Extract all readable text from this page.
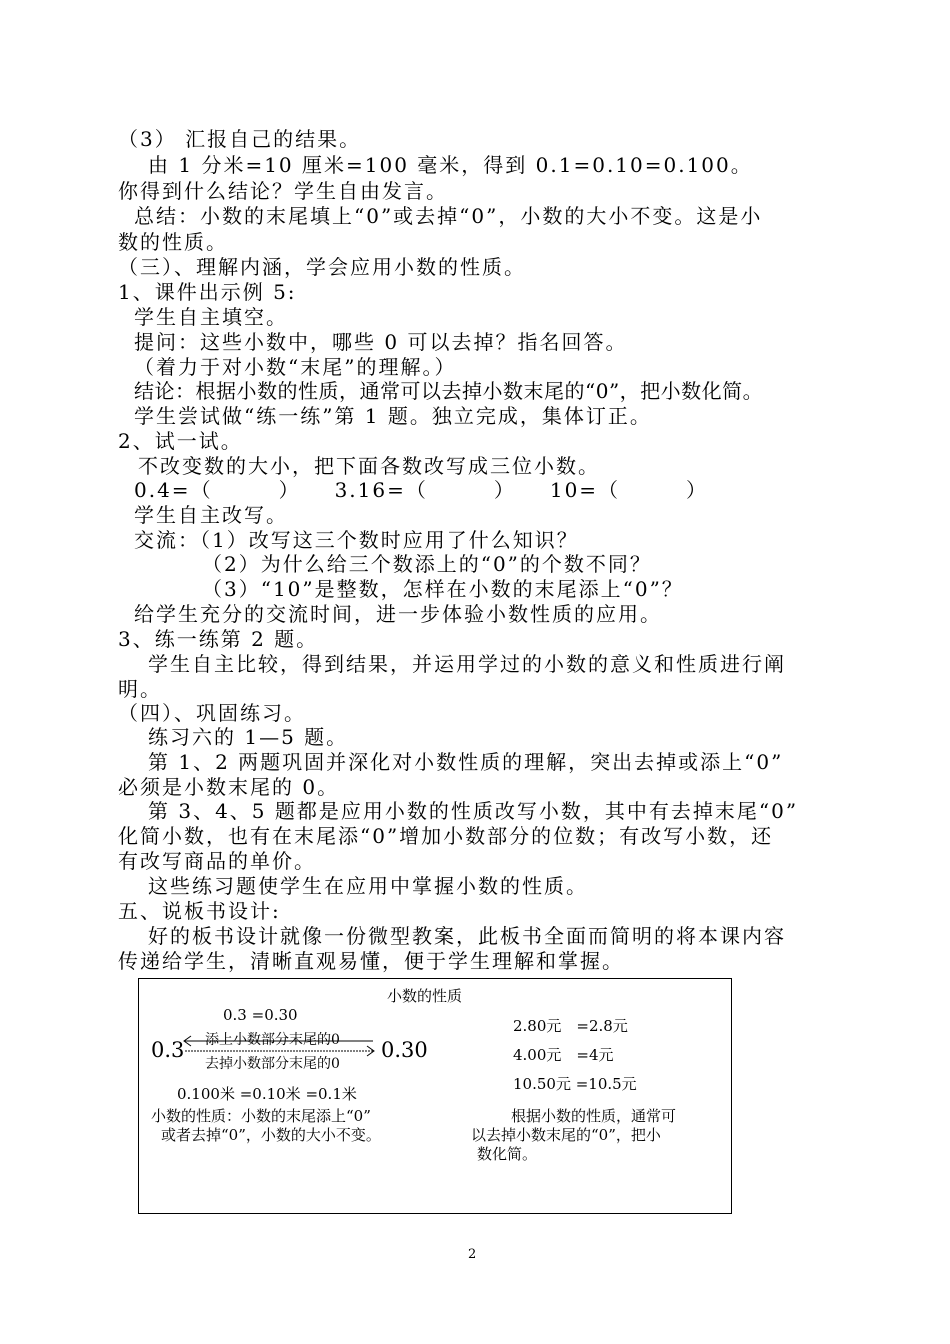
（3） 汇报自己的结果。
由 1 分米=10 厘米=100 毫米，得到 0.1=0.10=0.100。
你得到什么结论？学生自由发言。
总结：小数的末尾填上“0”或去掉“0”，小数的大小不变。这是小
数的性质。
（三）、理解内涵，学会应用小数的性质。
1、课件出示例 5:
学生自主填空。
提问：这些小数中，哪些 0 可以去掉？指名回答。
（着力于对小数“末尾”的理解。）
结论：根据小数的性质，通常可以去掉小数末尾的“0”，把小数化简。
学生尝试做“练一练”第 1 题。独立完成，集体订正。
2、试一试。
不改变数的大小，把下面各数改写成三位小数。
0.4=（　　　）　　3.16=（　　　）　　10=（　　　）
学生自主改写。
交流：（1）改写这三个数时应用了什么知识？
（2）为什么给三个数添上的“0”的个数不同？
（3）“10”是整数，怎样在小数的末尾添上“0”？
给学生充分的交流时间，进一步体验小数性质的应用。
3、练一练第 2 题。
学生自主比较，得到结果，并运用学过的小数的意义和性质进行阐
明。
（四）、巩固练习。
练习六的 1—5 题。
第 1、2 两题巩固并深化对小数性质的理解，突出去掉或添上“0”
必须是小数末尾的 0。
第 3、4、5 题都是应用小数的性质改写小数，其中有去掉末尾“0”
化简小数，也有在末尾添“0”增加小数部分的位数；有改写小数，还
有改写商品的单价。
这些练习题使学生在应用中掌握小数的性质。
五、说板书设计:
好的板书设计就像一份微型教案，此板书全面而简明的将本课内容
传递给学生，清晰直观易懂，便于学生理解和掌握。
小数的性质
0.3 =0.30
0.3 添上小数部分末尾的0
去掉小数部分末尾的0
0.30
0.100米 =0.10米 =0.1米
小数的性质：小数的末尾添上“0”
或者去掉“0”，小数的大小不变。
2.80元　=2.8元
4.00元　=4元
10.50元 =10.5元
根据小数的性质，通常可
以去掉小数末尾的“0”，把小
数化简。
2
